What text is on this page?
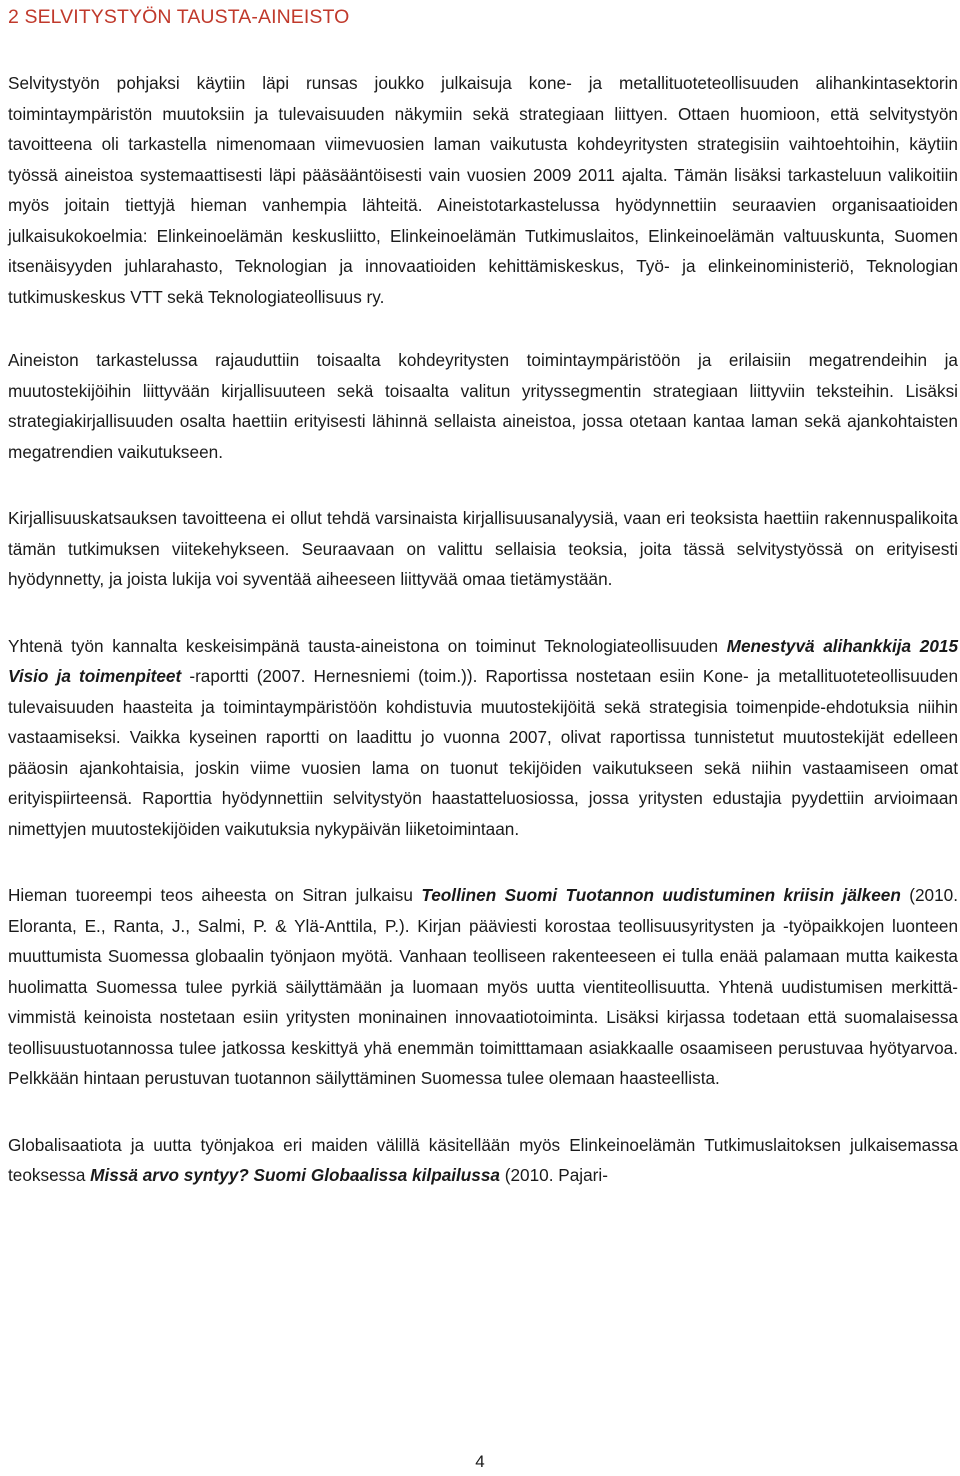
2 SELVITYSTYÖN TAUSTA-AINEISTO

Selvitystyön pohjaksi käytiin läpi runsas joukko julkaisuja kone- ja metallituoteteollisuuden alihankintasektorin toimintaympäristön muutoksiin ja tulevaisuuden näkymiin sekä strategiaan liittyen. Ottaen huomioon, että selvitystyön tavoitteena oli tarkastella nimenomaan viimevuosien laman vaikutusta kohdeyritysten strategisiin vaihtoehtoihin, käytiin työssä aineistoa systemaattisesti läpi pääsääntöisesti vain vuosien 2009 2011 ajalta. Tämän lisäksi tarkasteluun valikoitiin myös joitain tiettyjä hieman vanhempia lähteitä. Aineistotarkastelussa hyödynnettiin seuraavien organisaatioiden julkaisukokoelmia: Elinkeinoelämän keskusliitto, Elinkeinoelämän Tutkimuslaitos, Elinkeinoelämän valtuuskunta, Suomen itsenäisyyden juhlarahasto, Teknologian ja innovaatioiden kehittämiskeskus, Työ- ja elinkeinoministeriö, Teknologian tutkimuskeskus VTT sekä Teknologiateollisuus ry.

Aineiston tarkastelussa rajauduttiin toisaalta kohdeyritysten toimintaympäristöön ja erilaisiin megatrendeihin ja muutostekijöihin liittyvään kirjallisuuteen sekä toisaalta valitun yrityssegmentin strategiaan liittyviin teksteihin. Lisäksi strategiakirjallisuuden osalta haettiin erityisesti lähinnä sellaista aineistoa, jossa otetaan kantaa laman sekä ajankohtaisten megatrendien vaikutukseen.

Kirjallisuuskatsauksen tavoitteena ei ollut tehdä varsinaista kirjallisuusanalyysiä, vaan eri teoksista haettiin rakennuspalikoita tämän tutkimuksen viitekehykseen. Seuraavaan on valittu sellaisia teoksia, joita tässä selvitystyössä on erityisesti hyödynnetty, ja joista lukija voi syventää aiheeseen liittyvää omaa tietämystään.

Yhtenä työn kannalta keskeisimpänä tausta-aineistona on toiminut Teknologiateollisuuden Menestyvä alihankkija 2015 Visio ja toimenpiteet -raportti (2007. Hernesniemi (toim.)). Raportissa nostetaan esiin Kone- ja metallituoteteollisuuden tulevaisuuden haasteita ja toimintaympäristöön kohdistuvia muutostekijöitä sekä strategisia toimenpide-ehdotuksia niihin vastaamiseksi. Vaikka kyseinen raportti on laadittu jo vuonna 2007, olivat raportissa tunnistetut muutostekijät edelleen pääosin ajankohtaisia, joskin viime vuosien lama on tuonut tekijöiden vaikutukseen sekä niihin vastaamiseen omat erityispiirteensä. Raporttia hyödynnettiin selvitystyön haastatteluosiossa, jossa yritysten edustajia pyydettiin arvioimaan nimettyjen muutostekijöiden vaikutuksia nykypäivän liiketoimintaan.

Hieman tuoreempi teos aiheesta on Sitran julkaisu Teollinen Suomi Tuotannon uudistuminen kriisin jälkeen (2010. Eloranta, E., Ranta, J., Salmi, P. & Ylä-Anttila, P.). Kirjan pääviesti korostaa teollisuusyritysten ja -työpaikkojen luonteen muuttumista Suomessa globaalin työnjaon myötä. Vanhaan teolliseen rakenteeseen ei tulla enää palamaan mutta kaikesta huolimatta Suomessa tulee pyrkiä säilyttämään ja luomaan myös uutta vientiteollisuutta. Yhtenä uudistumisen merkittävimmistä keinoista nostetaan esiin yritysten moninainen innovaatiotoiminta. Lisäksi kirjassa todetaan että suomalaisessa teollisuustuotannossa tulee jatkossa keskittyä yhä enemmän toimitttamaan asiakkaalle osaamiseen perustuvaa hyötyarvoa. Pelkkään hintaan perustuvan tuotannon säilyttäminen Suomessa tulee olemaan haasteellista.

Globalisaatiota ja uutta työnjakoa eri maiden välillä käsitellään myös Elinkeinoelämän Tutkimuslaitoksen julkaisemassa teoksessa Missä arvo syntyy? Suomi Globaalissa kilpailussa (2010. Pajari-

4
